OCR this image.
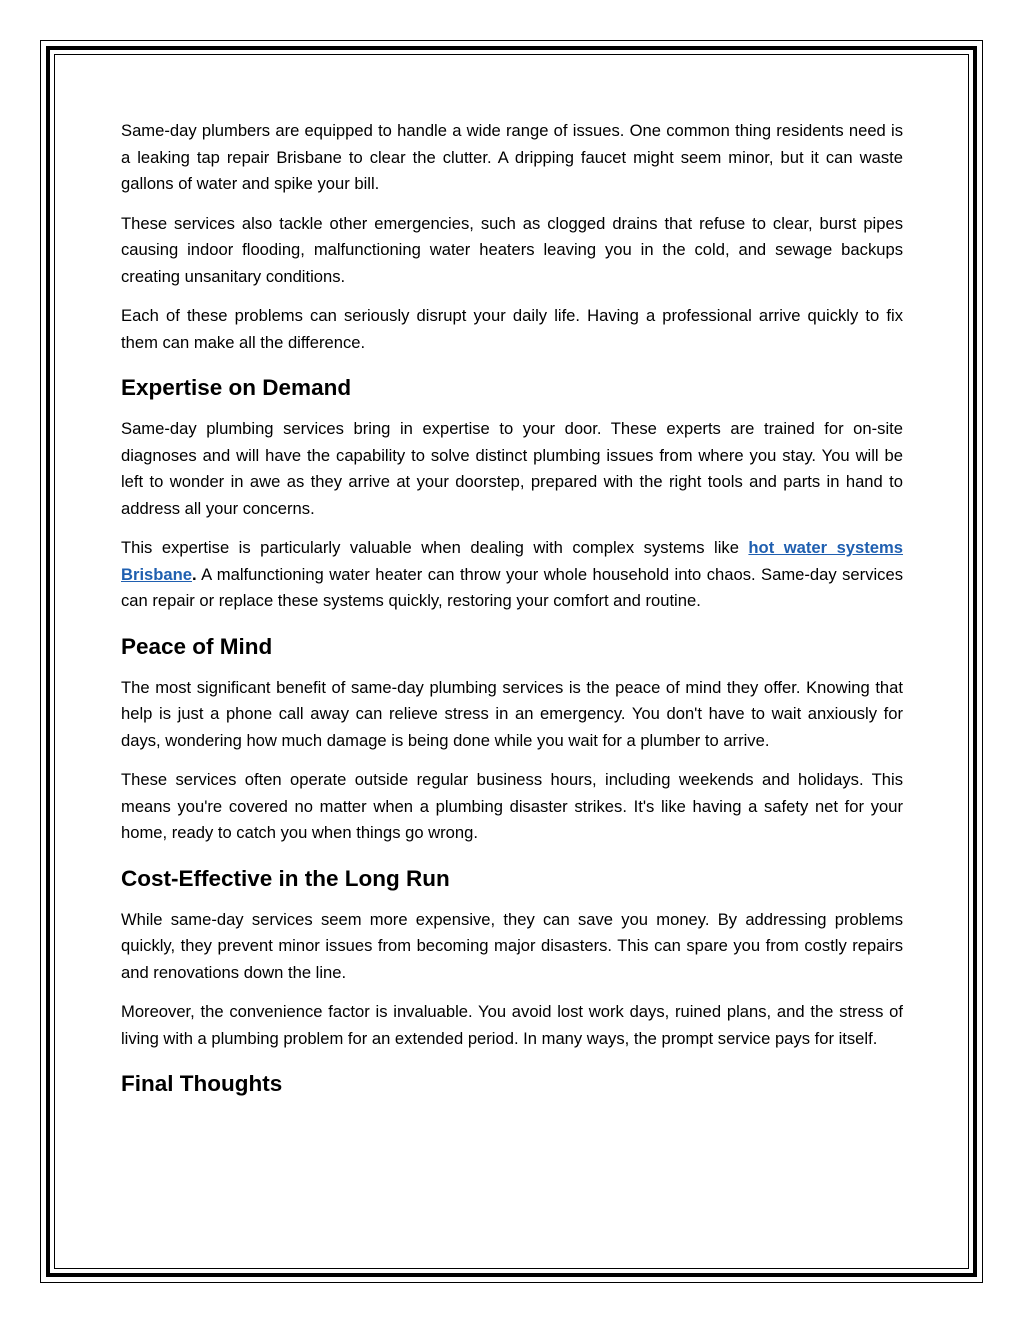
Same-day plumbers are equipped to handle a wide range of issues. One common thing residents need is a leaking tap repair Brisbane to clear the clutter. A dripping faucet might seem minor, but it can waste gallons of water and spike your bill.

These services also tackle other emergencies, such as clogged drains that refuse to clear, burst pipes causing indoor flooding, malfunctioning water heaters leaving you in the cold, and sewage backups creating unsanitary conditions.

Each of these problems can seriously disrupt your daily life. Having a professional arrive quickly to fix them can make all the difference.

Expertise on Demand

Same-day plumbing services bring in expertise to your door. These experts are trained for on-site diagnoses and will have the capability to solve distinct plumbing issues from where you stay. You will be left to wonder in awe as they arrive at your doorstep, prepared with the right tools and parts in hand to address all your concerns.

This expertise is particularly valuable when dealing with complex systems like hot water systems Brisbane. A malfunctioning water heater can throw your whole household into chaos. Same-day services can repair or replace these systems quickly, restoring your comfort and routine.

Peace of Mind

The most significant benefit of same-day plumbing services is the peace of mind they offer. Knowing that help is just a phone call away can relieve stress in an emergency. You don't have to wait anxiously for days, wondering how much damage is being done while you wait for a plumber to arrive.

These services often operate outside regular business hours, including weekends and holidays. This means you're covered no matter when a plumbing disaster strikes. It's like having a safety net for your home, ready to catch you when things go wrong.

Cost-Effective in the Long Run

While same-day services seem more expensive, they can save you money. By addressing problems quickly, they prevent minor issues from becoming major disasters. This can spare you from costly repairs and renovations down the line.

Moreover, the convenience factor is invaluable. You avoid lost work days, ruined plans, and the stress of living with a plumbing problem for an extended period. In many ways, the prompt service pays for itself.

Final Thoughts
